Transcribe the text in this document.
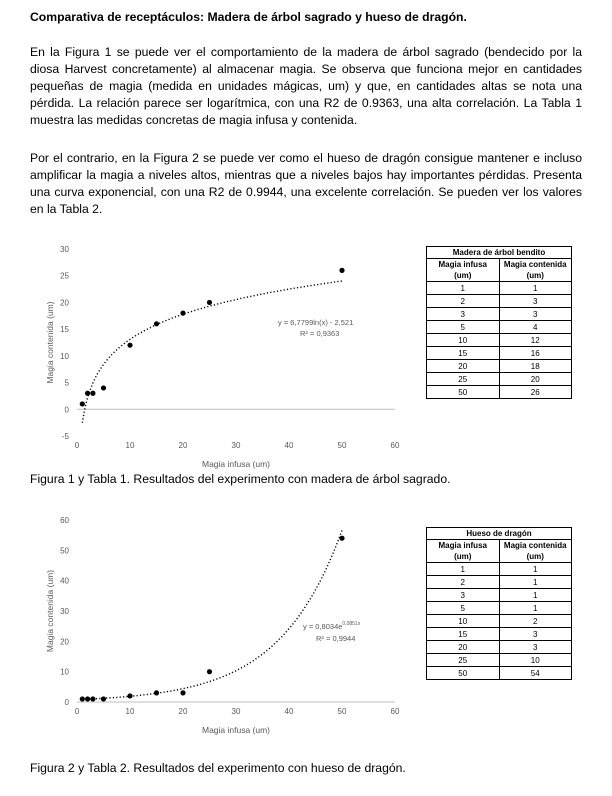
Comparativa de receptáculos: Madera de árbol sagrado y hueso de dragón.
En la Figura 1 se puede ver el comportamiento de la madera de árbol sagrado (bendecido por la diosa Harvest concretamente) al almacenar magia. Se observa que funciona mejor en cantidades pequeñas de magia (medida en unidades mágicas, um) y que, en cantidades altas se nota una pérdida. La relación parece ser logarítmica, con una R2 de 0.9363, una alta correlación. La Tabla 1 muestra las medidas concretas de magia infusa y contenida.
Por el contrario, en la Figura 2 se puede ver como el hueso de dragón consigue mantener e incluso amplificar la magia a niveles altos, mientras que a niveles bajos hay importantes pérdidas. Presenta una curva exponencial, con una R2 de 0.9944, una excelente correlación. Se pueden ver los valores en la Tabla 2.
-5
0
5
10
15
20
25
30
0	10	20	30	40	50	60
Magia infusa (um)
Magia contenida (um)	y = 6,7799ln(x) - 2,521
R² = 0,9363
Madera de árbol bendito	
Magia infusa (um)	Magia contenida (um)
1	1
2	3
3	3
5	4
10	12
15	16
20	18
25	20
50	26
Figura 1 y Tabla 1. Resultados del experimento con madera de árbol sagrado.
0
10
20
30
40
50
60
0	10	20	30	40	50	60
Magia infusa (um)
Magia contenida (um)	$y = 0,8034e^{0,0851x}$
R² = 0,9944
Hueso de dragón	
Magia infusa (um)	Magia contenida (um)
1	1
2	1
3	1
5	1
10	2
15	3
20	3
25	10
50	54
Figura 2 y Tabla 2. Resultados del experimento con hueso de dragón.
